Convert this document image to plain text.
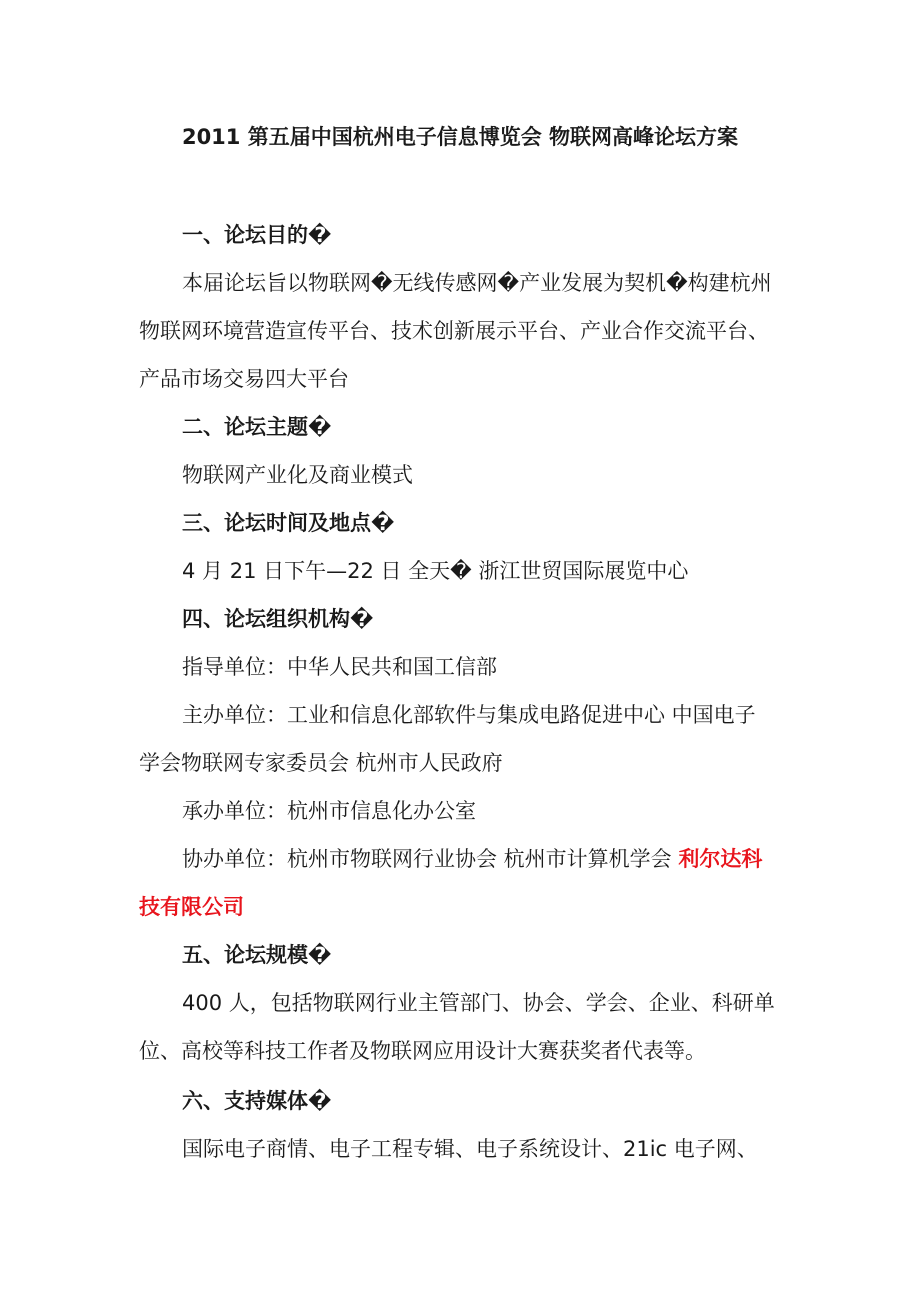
2011 第五届中国杭州电子信息博览会 物联网高峰论坛方案
一、论坛目的�
本届论坛旨以物联网�无线传感网�产业发展为契机�构建杭州
物联网环境营造宣传平台、技术创新展示平台、产业合作交流平台、
产品市场交易四大平台
二、论坛主题�
物联网产业化及商业模式
三、论坛时间及地点�
4 月 21 日下午—22 日 全天� 浙江世贸国际展览中心
四、论坛组织机构�
指导单位：中华人民共和国工信部
主办单位：工业和信息化部软件与集成电路促进中心 中国电子
学会物联网专家委员会 杭州市人民政府
承办单位：杭州市信息化办公室
协办单位：杭州市物联网行业协会 杭州市计算机学会 利尔达科
技有限公司
五、论坛规模�
400 人，包括物联网行业主管部门、协会、学会、企业、科研单
位、高校等科技工作者及物联网应用设计大赛获奖者代表等。
六、支持媒体�
国际电子商情、电子工程专辑、电子系统设计、21ic 电子网、
